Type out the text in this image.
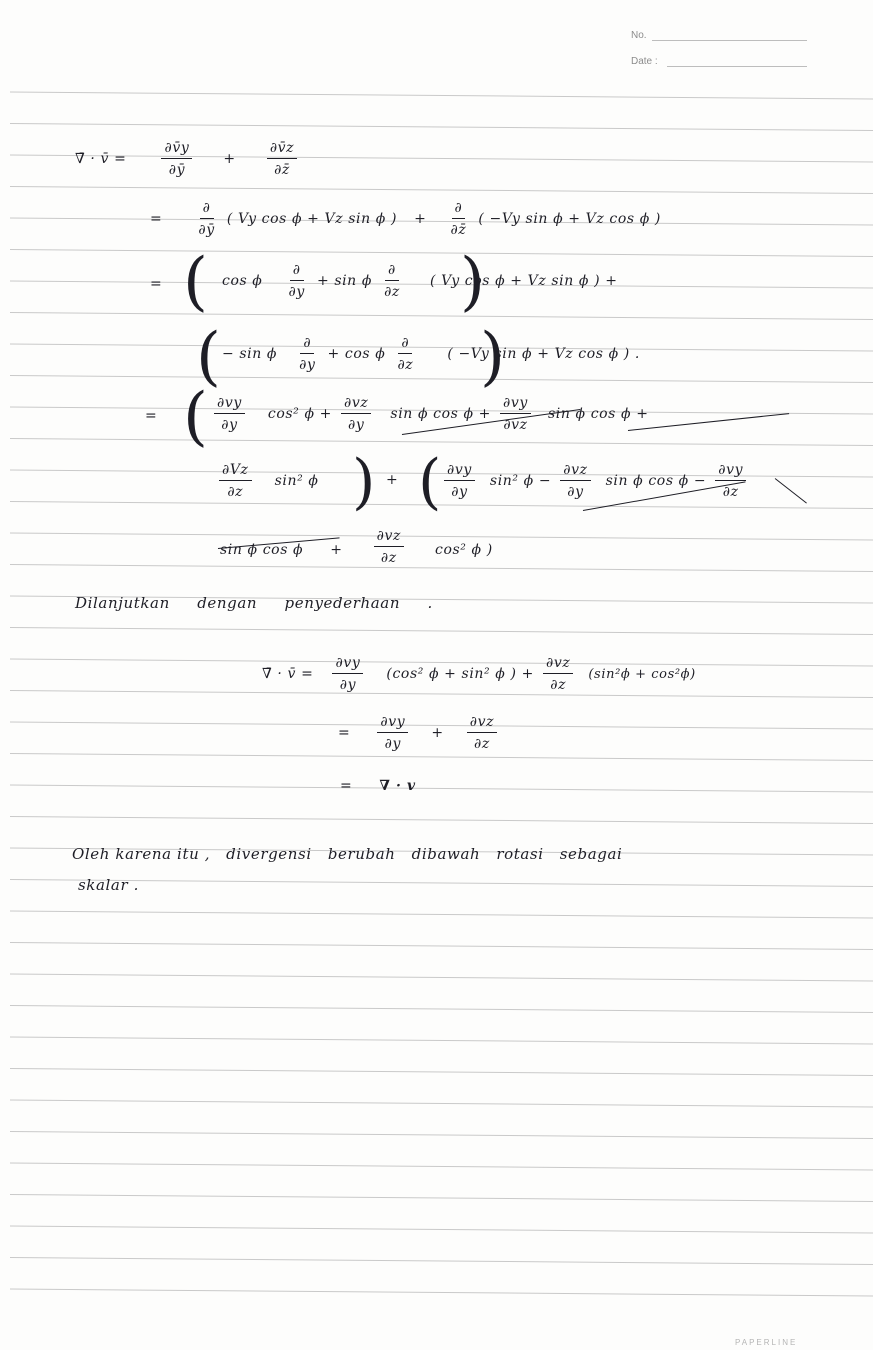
No.
Date :
∇̄ · v̄ =	$\frac{\partial v̄y}{\partial ȳ} + \frac{\partial v̄z}{\partial z̄}$
= $\frac{\partial}{\partial ȳ}$ ( Vy cos ϕ + Vz sin ϕ ) + $\frac{\partial}{\partial z̄}$ ( −Vy sin ϕ + Vz cos ϕ )
= (	)
cos ϕ $\frac{\partial}{\partial y} + \sin \phi \frac{\partial}{\partial z}$ ( Vy cos ϕ + Vz sin ϕ ) +
(	)
− sin ϕ $\frac{\partial}{\partial y} + \cos \phi \frac{\partial}{\partial z}$ ( −Vy sin ϕ + Vz cos ϕ ) .
= ( $\frac{\partial vy}{\partial y} \cos^2$ $\phi + \frac{\partial vz}{\partial y}$ sin ϕ $\cos \phi + \frac{\partial vy}{\partial vz}$ sin ϕ cos ϕ +
$\frac{\partial Vz}{\partial z} \sin^2$ ϕ ) + ( $\frac{\partial vy}{\partial y} \sin^2$ $\phi - \frac{\partial vz}{\partial y}$ sin ϕ $\cos \phi - \frac{\partial vy}{\partial z}$
sin ϕ $\cos \phi + \frac{\partial vz}{\partial z} \cos^2$ ϕ )
Dilanjutkan dengan penyederhaan .
∇̄ · v̄ = $\frac{\partial vy}{\partial y} (\cos^2$ ϕ + sin² ϕ ) + $\frac{\partial vz}{\partial z} (\sin^2\phi + \cos^2\phi)$
= $\frac{\partial vy}{\partial y} + \frac{\partial vz}{\partial z}$
= ∇ · v
Oleh karena itu ,   divergensi   berubah   dibawah   rotasi   sebagai
skalar .
PAPERLINE
